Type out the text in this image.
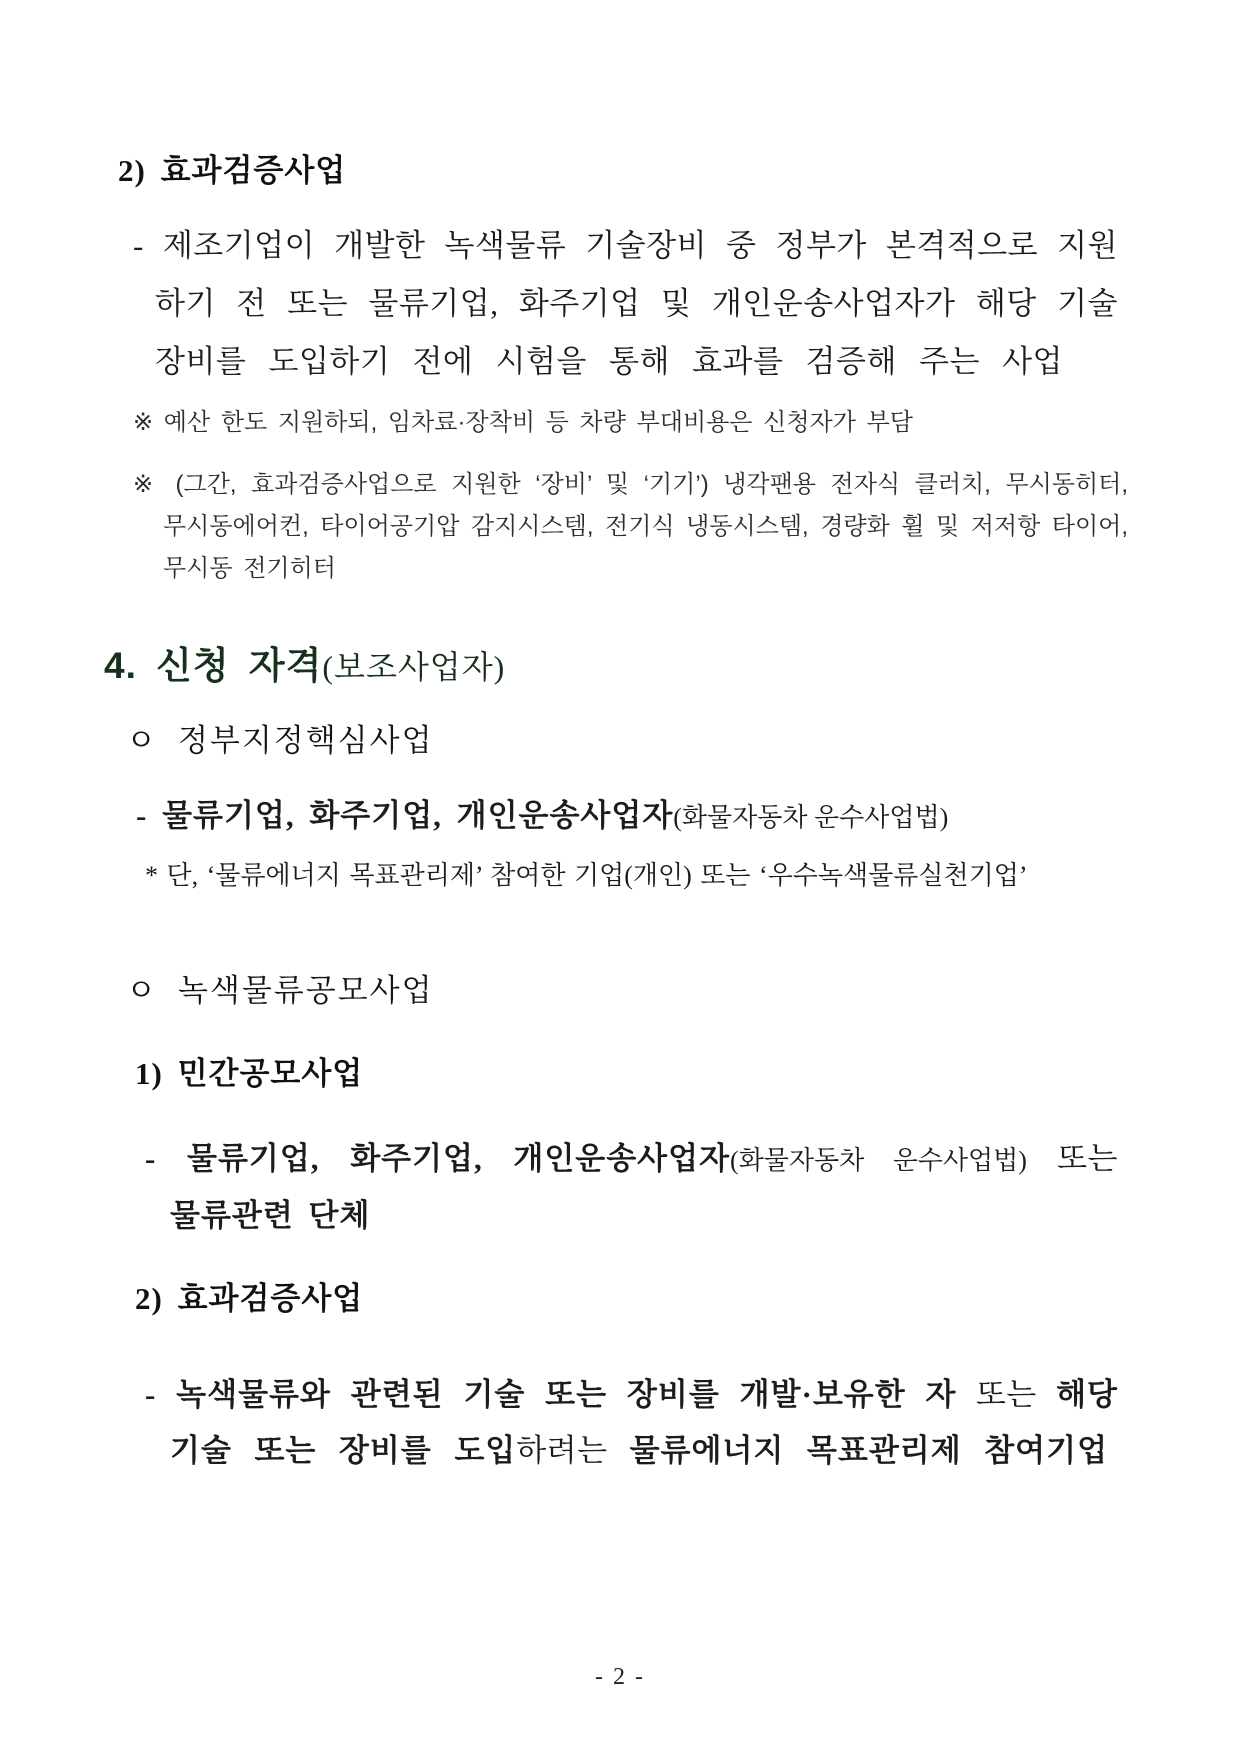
2) 효과검증사업
- 제조기업이 개발한 녹색물류 기술장비 중 정부가 본격적으로 지원
하기 전 또는 물류기업, 화주기업 및 개인운송사업자가 해당 기술
장비를 도입하기 전에 시험을 통해 효과를 검증해 주는 사업
※ 예산 한도 지원하되, 임차료·장착비 등 차량 부대비용은 신청자가 부담
※ (그간, 효과검증사업으로 지원한 ‘장비’ 및 ‘기기’) 냉각팬용 전자식 클러치, 무시동히터,
무시동에어컨, 타이어공기압 감지시스템, 전기식 냉동시스템, 경량화 휠 및 저저항 타이어,
무시동 전기히터
4. 신청 자격(보조사업자)
ㅇ 정부지정핵심사업
- 물류기업, 화주기업, 개인운송사업자(화물자동차 운수사업법)
* 단, ‘물류에너지 목표관리제’ 참여한 기업(개인) 또는 ‘우수녹색물류실천기업’
ㅇ 녹색물류공모사업
1) 민간공모사업
- 물류기업, 화주기업, 개인운송사업자(화물자동차 운수사업법) 또는
물류관련 단체
2) 효과검증사업
- 녹색물류와 관련된 기술 또는 장비를 개발·보유한 자 또는 해당
기술 또는 장비를 도입하려는 물류에너지 목표관리제 참여기업
- 2 -
